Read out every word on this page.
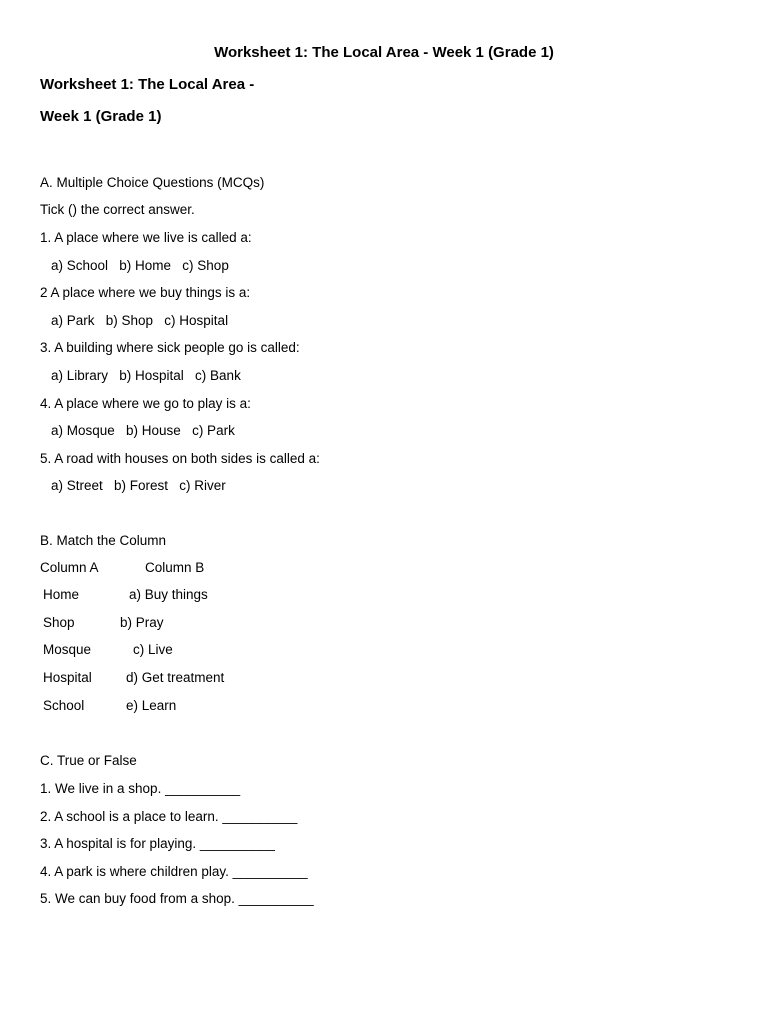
Worksheet 1: The Local Area - Week 1 (Grade 1)
Worksheet 1: The Local Area -
Week 1 (Grade 1)
A. Multiple Choice Questions (MCQs)
Tick () the correct answer.
1. A place where we live is called a:
a) School   b) Home   c) Shop
2 A place where we buy things is a:
a) Park   b) Shop   c) Hospital
3. A building where sick people go is called:
a) Library   b) Hospital   c) Bank
4. A place where we go to play is a:
a) Mosque   b) House   c) Park
5. A road with houses on both sides is called a:
a) Street   b) Forest   c) River
B. Match the Column
Column A	Column B
Home	a) Buy things
Shop	b) Pray
Mosque	c) Live
Hospital	d) Get treatment
School	e) Learn
C. True or False
1. We live in a shop. __________
2. A school is a place to learn. __________
3. A hospital is for playing. __________
4. A park is where children play. __________
5. We can buy food from a shop. __________
